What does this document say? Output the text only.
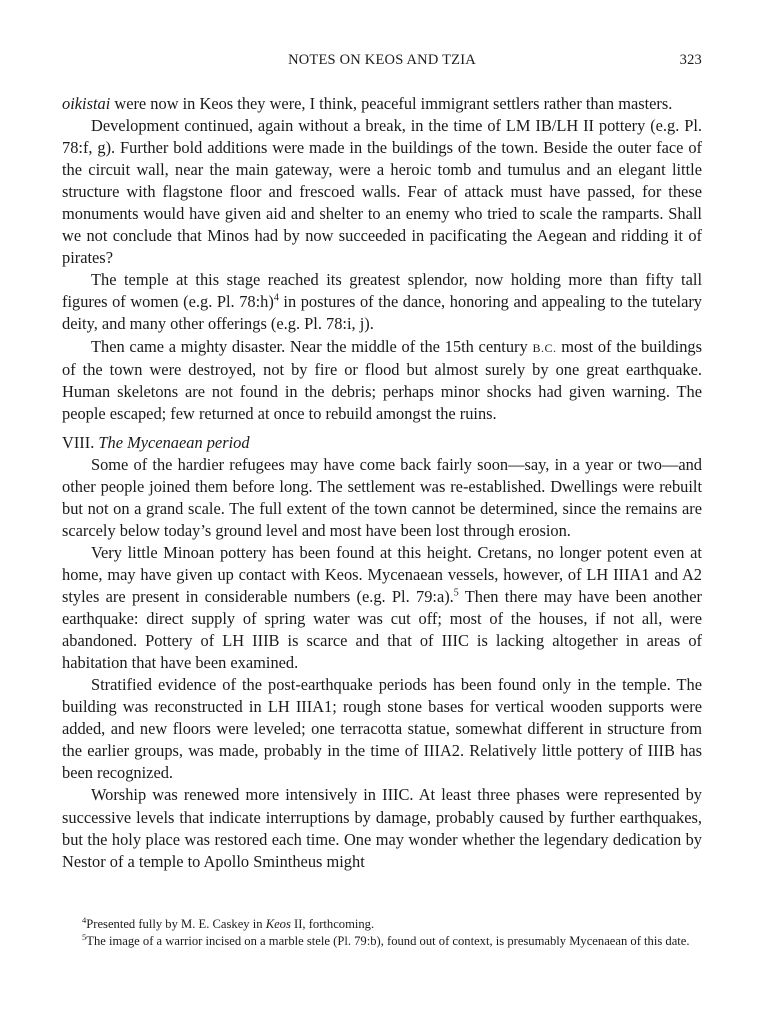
NOTES ON KEOS AND TZIA	323

oikistai were now in Keos they were, I think, peaceful immigrant settlers rather than masters.

Development continued, again without a break, in the time of LM IB/LH II pottery (e.g. Pl. 78:f, g). Further bold additions were made in the buildings of the town. Beside the outer face of the circuit wall, near the main gateway, were a heroic tomb and tumulus and an elegant little structure with flagstone floor and frescoed walls. Fear of attack must have passed, for these monuments would have given aid and shelter to an enemy who tried to scale the ramparts. Shall we not conclude that Minos had by now succeeded in pacificating the Aegean and ridding it of pirates?

The temple at this stage reached its greatest splendor, now holding more than fifty tall figures of women (e.g. Pl. 78:h)$^4$ in postures of the dance, honoring and appealing to the tutelary deity, and many other offerings (e.g. Pl. 78:i, j).

Then came a mighty disaster. Near the middle of the 15th century B.C. most of the buildings of the town were destroyed, not by fire or flood but almost surely by one great earthquake. Human skeletons are not found in the debris; perhaps minor shocks had given warning. The people escaped; few returned at once to rebuild amongst the ruins.

VIII. The Mycenaean period

Some of the hardier refugees may have come back fairly soon—say, in a year or two—and other people joined them before long. The settlement was re-established. Dwellings were rebuilt but not on a grand scale. The full extent of the town cannot be determined, since the remains are scarcely below today’s ground level and most have been lost through erosion.

Very little Minoan pottery has been found at this height. Cretans, no longer potent even at home, may have given up contact with Keos. Mycenaean vessels, however, of LH IIIA1 and A2 styles are present in considerable numbers (e.g. Pl. 79:a).$^5$ Then there may have been another earthquake: direct supply of spring water was cut off; most of the houses, if not all, were abandoned. Pottery of LH IIIB is scarce and that of IIIC is lacking altogether in areas of habitation that have been examined.

Stratified evidence of the post-earthquake periods has been found only in the temple. The building was reconstructed in LH IIIA1; rough stone bases for vertical wooden supports were added, and new floors were leveled; one terracotta statue, somewhat different in structure from the earlier groups, was made, probably in the time of IIIA2. Relatively little pottery of IIIB has been recognized.

Worship was renewed more intensively in IIIC. At least three phases were represented by successive levels that indicate interruptions by damage, probably caused by further earthquakes, but the holy place was restored each time. One may wonder whether the legendary dedication by Nestor of a temple to Apollo Smintheus might

$^4$Presented fully by M. E. Caskey in Keos II, forthcoming.

$^5$The image of a warrior incised on a marble stele (Pl. 79:b), found out of context, is presumably Mycenaean of this date.
